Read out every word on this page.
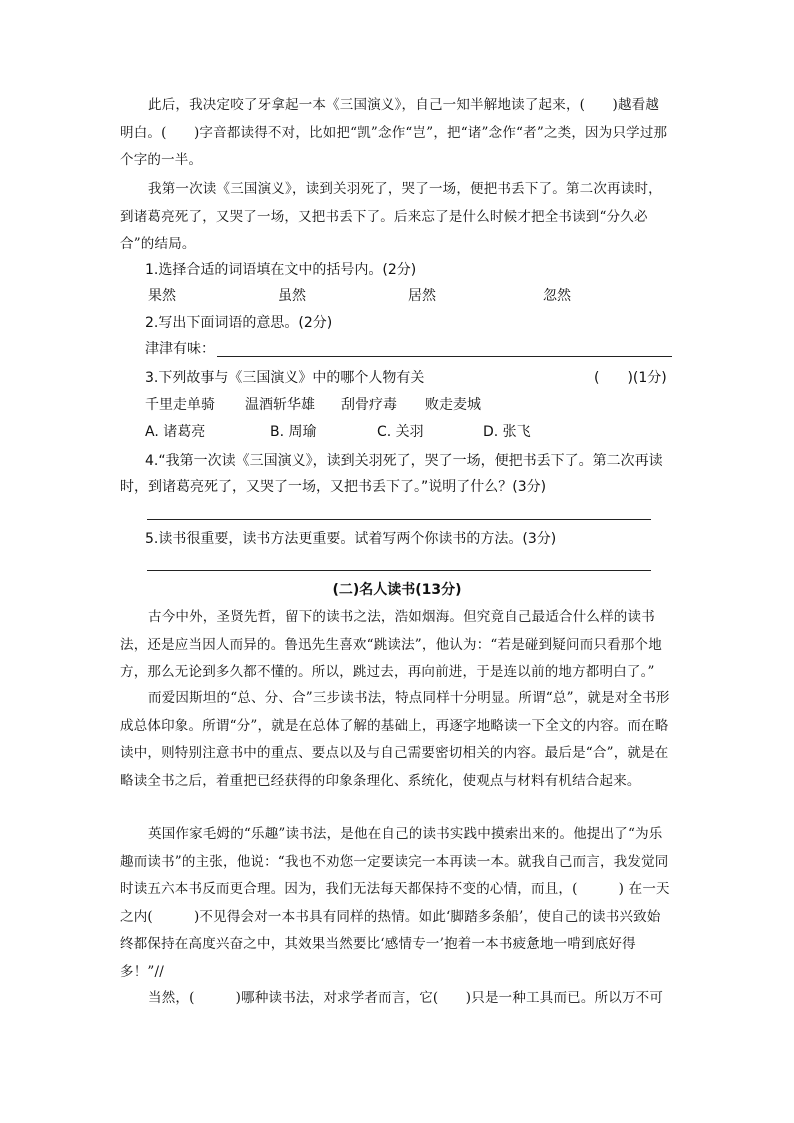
此后，我决定咬了牙拿起一本《三国演义》，自己一知半解地读了起来，(　　)越看越明白。(　　)字音都读得不对，比如把“凯”念作“岂”，把“诸”念作“者”之类，因为只学过那个字的一半。

我第一次读《三国演义》，读到关羽死了，哭了一场，便把书丢下了。第二次再读时，到诸葛亮死了，又哭了一场，又把书丢下了。后来忘了是什么时候才把全书读到“分久必合”的结局。

1.选择合适的词语填在文中的括号内。(2分)
果然	虽然	居然	忽然
2.写出下面词语的意思。(2分)
津津有味：
3.下列故事与《三国演义》中的哪个人物有关	(　　)(1分)
千里走单骑 温酒斩华雄 刮骨疗毒 败走麦城
A. 诸葛亮	B. 周瑜	C. 关羽	D. 张飞
4.“我第一次读《三国演义》，读到关羽死了，哭了一场，便把书丢下了。第二次再读
时，到诸葛亮死了，又哭了一场，又把书丢下了。”说明了什么？(3分)
5.读书很重要，读书方法更重要。试着写两个你读书的方法。(3分)
(二)名人读书(13分)

古今中外，圣贤先哲，留下的读书之法，浩如烟海。但究竟自己最适合什么样的读书法，还是应当因人而异的。鲁迅先生喜欢“跳读法”，他认为：“若是碰到疑问而只看那个地方，那么无论到多久都不懂的。所以，跳过去，再向前进，于是连以前的地方都明白了。”

而爱因斯坦的“总、分、合”三步读书法，特点同样十分明显。所谓“总”，就是对全书形成总体印象。所谓“分”，就是在总体了解的基础上，再逐字地略读一下全文的内容。而在略读中，则特别注意书中的重点、要点以及与自己需要密切相关的内容。最后是“合”，就是在略读全书之后，着重把已经获得的印象条理化、系统化，使观点与材料有机结合起来。

英国作家毛姆的“乐趣”读书法，是他在自己的读书实践中摸索出来的。他提出了“为乐趣而读书”的主张，他说：“我也不劝您一定要读完一本再读一本。就我自己而言，我发觉同时读五六本书反而更合理。因为，我们无法每天都保持不变的心情，而且，(　　　) 在一天之内(　　　)不见得会对一本书具有同样的热情。如此‘脚踏多条船’，使自己的读书兴致始终都保持在高度兴奋之中，其效果当然要比‘感情专一’抱着一本书疲惫地一啃到底好得多！”//

当然，(　　　)哪种读书法，对求学者而言，它(　　)只是一种工具而已。所以万不可
